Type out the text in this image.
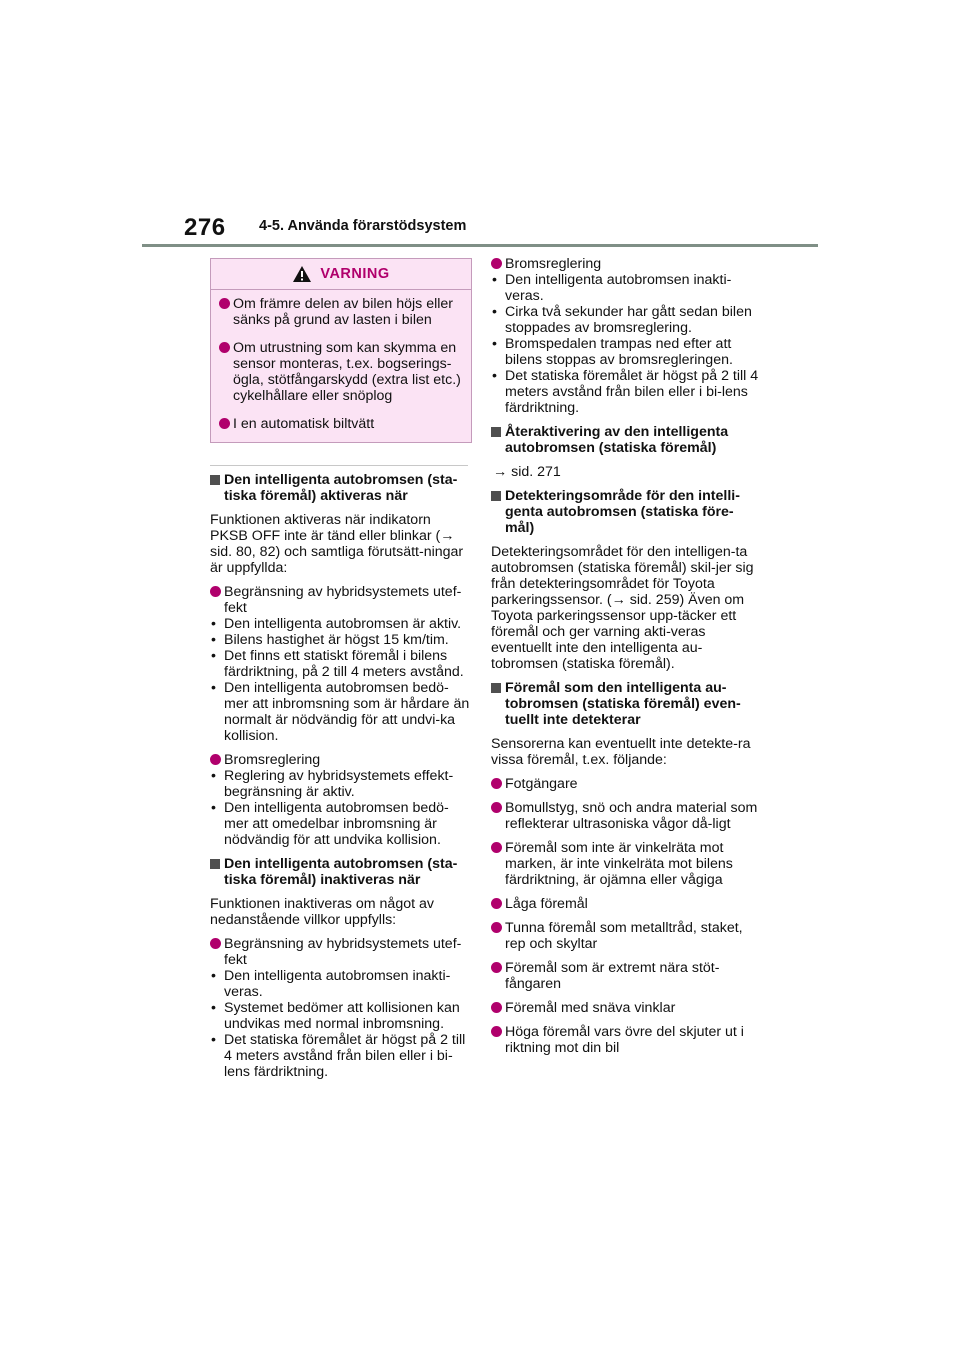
276 4-5. Använda förarstödsystem
VARNING
Om främre delen av bilen höjs eller sänks på grund av lasten i bilen
Om utrustning som kan skymma en sensor monteras, t.ex. bogserings-ögla, stötfångarskydd (extra list etc.) cykelhållare eller snöplog
I en automatisk biltvätt
Den intelligenta autobromsen (sta-tiska föremål) aktiveras när

Funktionen aktiveras när indikatorn PKSB OFF inte är tänd eller blinkar (→ sid. 80, 82) och samtliga förutsätt-ningar är uppfyllda:

Begränsning av hybridsystemets utef-fekt
• Den intelligenta autobromsen är aktiv.
• Bilens hastighet är högst 15 km/tim.
• Det finns ett statiskt föremål i bilens färdriktning, på 2 till 4 meters avstånd.
• Den intelligenta autobromsen bedö-mer att inbromsning som är hårdare än normalt är nödvändig för att undvi-ka kollision.
Bromsreglering
• Reglering av hybridsystemets effekt-begränsning är aktiv.
• Den intelligenta autobromsen bedö-mer att omedelbar inbromsning är nödvändig för att undvika kollision.
Den intelligenta autobromsen (sta-tiska föremål) inaktiveras när

Funktionen inaktiveras om något av nedanstående villkor uppfylls:

Begränsning av hybridsystemets utef-fekt
• Den intelligenta autobromsen inakti-veras.
• Systemet bedömer att kollisionen kan undvikas med normal inbromsning.
• Det statiska föremålet är högst på 2 till 4 meters avstånd från bilen eller i bi-lens färdriktning.
Bromsreglering
• Den intelligenta autobromsen inakti-veras.
• Cirka två sekunder har gått sedan bilen stoppades av bromsreglering.
• Bromspedalen trampas ned efter att bilens stoppas av bromsregleringen.
• Det statiska föremålet är högst på 2 till 4 meters avstånd från bilen eller i bi-lens färdriktning.
Återaktivering av den intelligenta autobromsen (statiska föremål)

→ sid. 271

Detekteringsområde för den intelli-genta autobromsen (statiska före-mål)

Detekteringsområdet för den intelligen-ta autobromsen (statiska föremål) skil-jer sig från detekteringsområdet för Toyota parkeringssensor. (→ sid. 259) Även om Toyota parkeringssensor upp-täcker ett föremål och ger varning akti-veras eventuellt inte den intelligenta au-tobromsen (statiska föremål).

Föremål som den intelligenta au-tobromsen (statiska föremål) even-tuellt inte detekterar

Sensorerna kan eventuellt inte detekte-ra vissa föremål, t.ex. följande:

Fotgängare
Bomullstyg, snö och andra material som reflekterar ultrasoniska vågor då-ligt
Föremål som inte är vinkelräta mot marken, är inte vinkelräta mot bilens färdriktning, är ojämna eller vågiga
Låga föremål
Tunna föremål som metalltråd, staket, rep och skyltar
Föremål som är extremt nära stöt-fångaren
Föremål med snäva vinklar
Höga föremål vars övre del skjuter ut i riktning mot din bil
